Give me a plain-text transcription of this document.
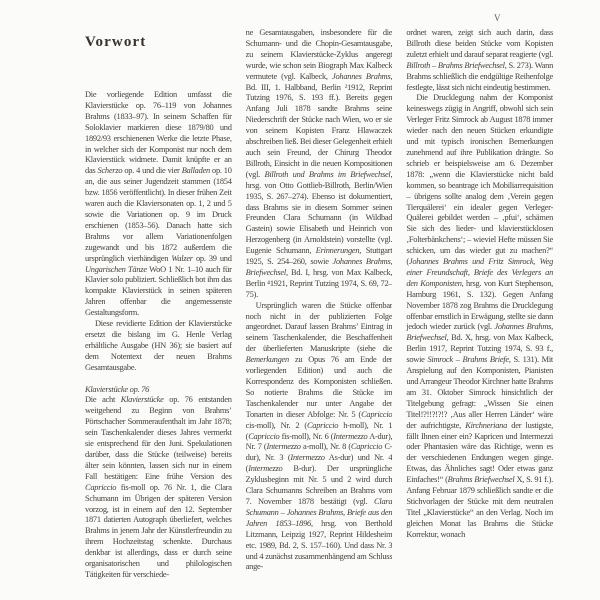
V
Vorwort
Die vorliegende Edition umfasst die Klavierstücke op. 76–119 von Johannes Brahms (1833–97). In seinem Schaffen für Soloklavier markieren diese 1879/80 und 1892/93 erschienenen Werke die letzte Phase, in welcher sich der Komponist nur noch dem Klavierstück widmete. Damit knüpfte er an das Scherzo op. 4 und die vier Balladen op. 10 an, die aus seiner Jugendzeit stammen (1854 bzw. 1856 veröffentlicht). In dieser frühen Zeit waren auch die Klaviersonaten op. 1, 2 und 5 sowie die Variationen op. 9 im Druck erschienen (1853–56). Danach hatte sich Brahms vor allem Variationenfolgen zugewandt und bis 1872 außerdem die ursprünglich vierhändigen Walzer op. 39 und Ungarischen Tänze WoO 1 Nr. 1–10 auch für Klavier solo publiziert. Schließlich bot ihm das kompakte Klavierstück in seinen späteren Jahren offenbar die angemessenste Gestaltungsform.
Diese revidierte Edition der Klavierstücke ersetzt die bislang im G. Henle Verlag erhältliche Ausgabe (HN 36); sie basiert auf dem Notentext der neuen Brahms Gesamtausgabe.
Klavierstücke op. 76
Die acht Klavierstücke op. 76 entstanden weitgehend zu Beginn von Brahms’ Pörtschacher Sommeraufenthalt im Jahr 1878; sein Taschenkalender dieses Jahres vermerkt sie entsprechend für den Juni. Spekulationen darüber, dass die Stücke (teilweise) bereits älter sein könnten, lassen sich nur in einem Fall bestätigen: Eine frühe Version des Capriccio fis-moll op. 76 Nr. 1, die Clara Schumann im Übrigen der späteren Version vorzog, ist in einem auf den 12. September 1871 datierten Autograph überliefert, welches Brahms in jenem Jahr der Künstlerfreundin zu ihrem Hochzeitstag schenkte. Durchaus denkbar ist allerdings, dass er durch seine organisatorischen und philologischen Tätigkeiten für verschiede-
ne Gesamtausgaben, insbesondere für die Schumann- und die Chopin-Gesamtausgabe, zu seinem Klavierstücke-Zyklus angeregt wurde, wie schon sein Biograph Max Kalbeck vermutete (vgl. Kalbeck, Johannes Brahms, Bd. III, 1. Halbband, Berlin ²1912, Reprint Tutzing 1976, S. 193 ff.). Bereits gegen Anfang Juli 1878 sandte Brahms seine Niederschrift der Stücke nach Wien, wo er sie von seinem Kopisten Franz Hlawaczek abschreiben ließ. Bei dieser Gelegenheit erhielt auch sein Freund, der Chirurg Theodor Billroth, Einsicht in die neuen Kompositionen (vgl. Billroth und Brahms im Briefwechsel, hrsg. von Otto Gottlieb-Billroth, Berlin/Wien 1935, S. 267–274). Ebenso ist dokumentiert, dass Brahms sie in diesem Sommer seinen Freunden Clara Schumann (in Wildbad Gastein) sowie Elisabeth und Heinrich von Herzogenberg (in Arnoldstein) vorstellte (vgl. Eugenie Schumann, Erinnerungen, Stuttgart 1925, S. 254–260, sowie Johannes Brahms, Briefwechsel, Bd. I, hrsg. von Max Kalbeck, Berlin ⁴1921, Reprint Tutzing 1974, S. 69, 72–75).
Ursprünglich waren die Stücke offenbar noch nicht in der publizierten Folge angeordnet. Darauf lassen Brahms’ Eintrag in seinem Taschenkalender, die Beschaffenheit der überlieferten Manuskripte (siehe die Bemerkungen zu Opus 76 am Ende der vorliegenden Edition) und auch die Korrespondenz des Komponisten schließen. So notierte Brahms die Stücke im Taschenkalender nur unter Angabe der Tonarten in dieser Abfolge: Nr. 5 (Capriccio cis-moll), Nr. 2 (Capriccio h-moll), Nr. 1 (Capriccio fis-moll), Nr. 6 (Intermezzo A-dur), Nr. 7 (Intermezzo a-moll), Nr. 8 (Capriccio C-dur), Nr. 3 (Intermezzo As-dur) und Nr. 4 (Intermezzo B-dur). Der ursprüngliche Zyklusbeginn mit Nr. 5 und 2 wird durch Clara Schumanns Schreiben an Brahms vom 7. November 1878 bestätigt (vgl. Clara Schumann – Johannes Brahms, Briefe aus den Jahren 1853–1896, hrsg. von Berthold Litzmann, Leipzig 1927, Reprint Hildesheim etc. 1989, Bd. 2, S. 157–160). Und dass Nr. 3 und 4 zunächst zusammenhängend am Schluss ange-
ordnet waren, zeigt sich auch darin, dass Billroth diese beiden Stücke vom Kopisten zuletzt erhielt und darauf separat reagierte (vgl. Billroth – Brahms Briefwechsel, S. 273). Wann Brahms schließlich die endgültige Reihenfolge festlegte, lässt sich nicht eindeutig bestimmen.
Die Drucklegung nahm der Komponist keineswegs zügig in Angriff, obwohl sich sein Verleger Fritz Simrock ab August 1878 immer wieder nach den neuen Stücken erkundigte und mit typisch ironischen Bemerkungen zunehmend auf ihre Publikation drängte. So schrieb er beispielsweise am 6. Dezember 1878: „wenn die Klavierstücke nicht bald kommen, so beantrage ich Mobiliarrequisition – übrigens sollte analog dem ‚Verein gegen Tierquälerei‘ ein idealer gegen Verleger-Quälerei gebildet werden – ‚pfui‘, schämen Sie sich des lieder- und klavierstücklosen ‚Folterbänkchens‘; – wieviel Hefte müssen Sie schicken, um das wieder gut zu machen?“ (Johannes Brahms und Fritz Simrock, Weg einer Freundschaft, Briefe des Verlegers an den Komponisten, hrsg. von Kurt Stephenson, Hamburg 1961, S. 132). Gegen Anfang November 1878 zog Brahms die Drucklegung offenbar ernstlich in Erwägung, stellte sie dann jedoch wieder zurück (vgl. Johannes Brahms, Briefwechsel, Bd. X, hrsg. von Max Kalbeck, Berlin 1917, Reprint Tutzing 1974, S. 93 f., sowie Simrock – Brahms Briefe, S. 131). Mit Anspielung auf den Komponisten, Pianisten und Arrangeur Theodor Kirchner hatte Brahms am 31. Oktober Simrock hinsichtlich der Titelgebung gefragt: „Wissen Sie einen Titel!?!!?!?!? ‚Aus aller Herren Länder‘ wäre der aufrichtigste, Kirchneriana der lustigste, fällt Ihnen einer ein? Kapricen und Intermezzi oder Phantasien wäre das Richtige, wenn es der verschiedenen Endungen wegen ginge. Etwas, das Ähnliches sagt! Oder etwas ganz Einfaches!“ (Brahms Briefwechsel X, S. 91 f.). Anfang Februar 1879 schließlich sandte er die Stichvorlagen der Stücke mit dem neutralen Titel „Klavierstücke“ an den Verlag. Noch im gleichen Monat las Brahms die Stücke Korrektur, wonach
